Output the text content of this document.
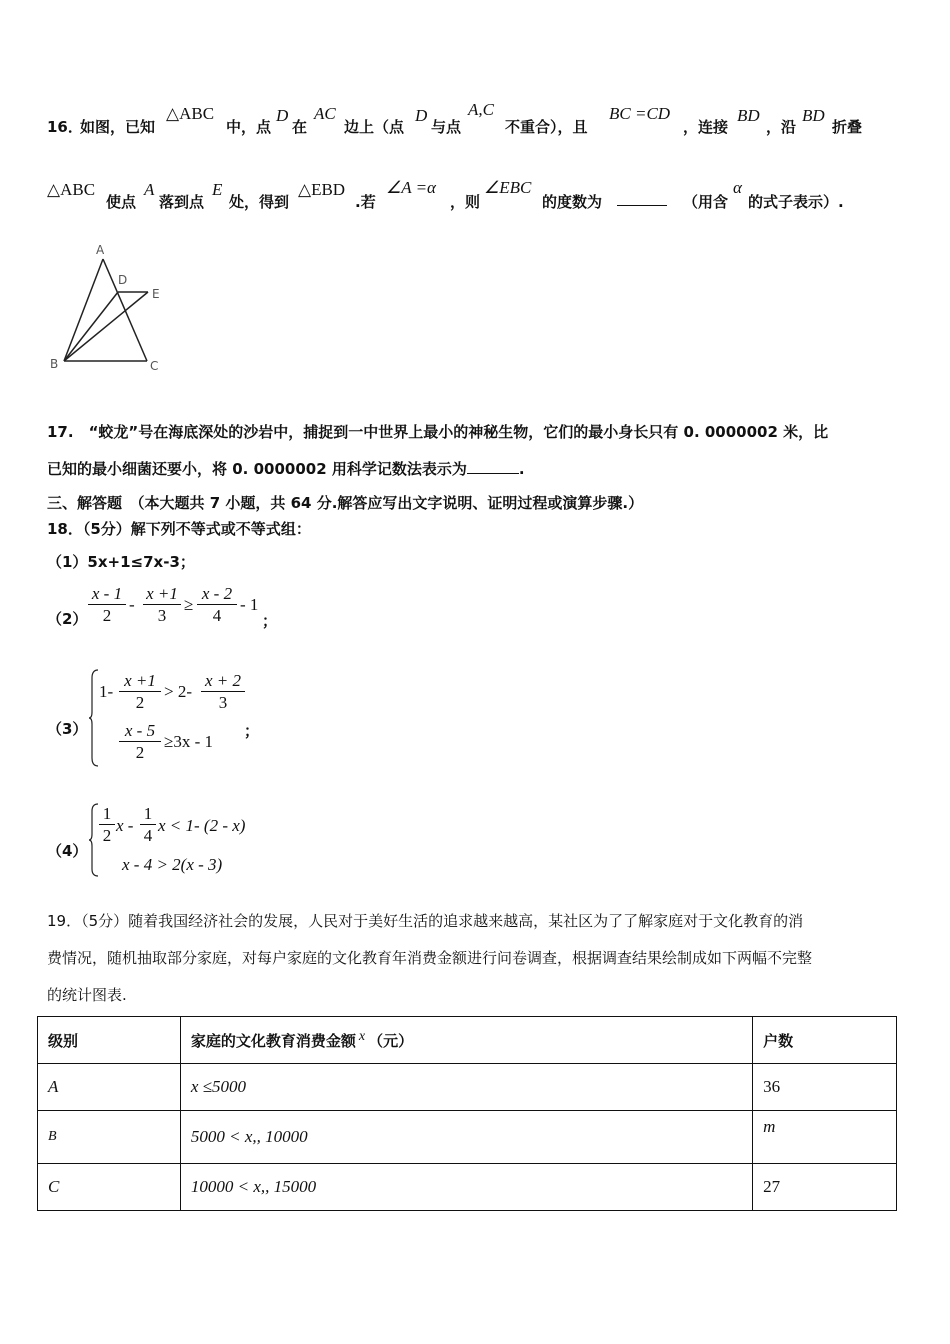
16．
如图，已知
△ABC
中，点
D
在
AC
边上（点
D
与点
A,C
不重合），且
BC =CD
，连接
BD
，沿
BD
折叠
△ABC
使点
A
落到点
E
处，得到
△EBD
.若
∠A =α
，则
∠EBC
的度数为	（用含
α
的式子表示）.
A
D
E
B	C
17.　“蛟龙”号在海底深处的沙岩中，捕捉到一中世界上最小的神秘生物，它们的最小身长只有 0. 0000002 米，比
已知的最小细菌还要小，将 0. 0000002 用科学记数法表示为	.
三、解答题　（本大题共 7 小题，共 64 分.解答应写出文字说明、证明过程或演算步骤.）
18．（5分）解下列不等式或不等式组：
（1）5x+1≤7x-3；
$(2) \frac{x - 1}{2} - \frac{x +1}{3} \ge \frac{x - 2}{4} - 1$
；
（3）
$1- \frac{x +1}{2} > 2- \frac{x + 2}{3}$
$\frac{x - 5}{2} \ge 3x - 1$
；
（4）
$\frac{1}{2}$ x - $\frac{1}{4}$ x < 1- (2 - x)
x - 4 > 2(x - 3)
19．（5分）随着我国经济社会的发展，人民对于美好生活的追求越来越高，某社区为了了解家庭对于文化教育的消
费情况，随机抽取部分家庭，对每户家庭的文化教育年消费金额进行问卷调查，根据调查结果绘制成如下两幅不完整
的统计图表.
级别	家庭的文化教育消费金额 x （元）	户数
A	x ≤5000	36
B	5000 < x,, 10000	m
C	10000 < x,, 15000	27
